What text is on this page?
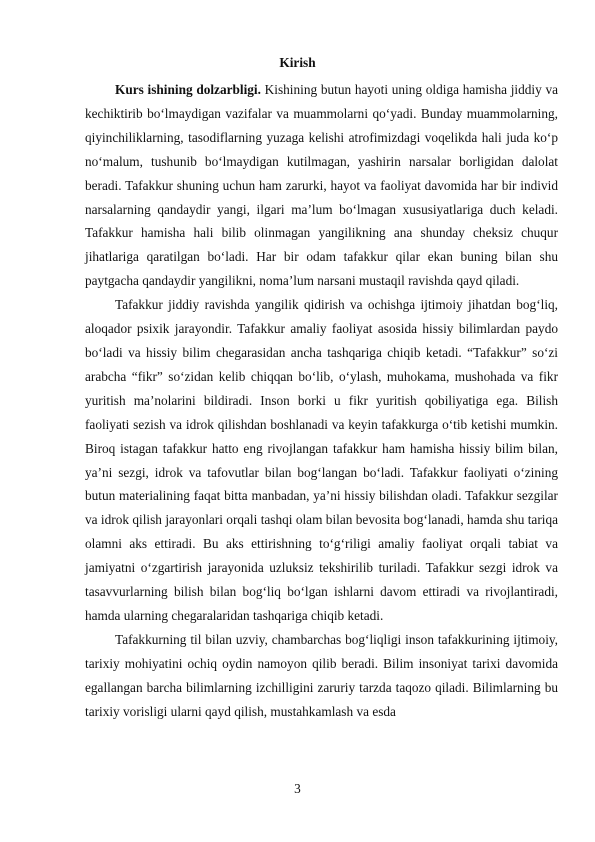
Kirish

Kurs ishining dolzarbligi. Kishining butun hayoti uning oldiga hamisha jiddiy va kechiktirib bo‘lmaydigan vazifalar va muammolarni qo‘yadi. Bunday muammolarning, qiyinchiliklarning, tasodiflarning yuzaga kelishi atrofimizdagi voqelikda hali juda ko‘p no‘malum, tushunib bo‘lmaydigan kutilmagan, yashirin narsalar borligidan dalolat beradi. Tafakkur shuning uchun ham zarurki, hayot va faoliyat davomida har bir individ narsalarning qandaydir yangi, ilgari ma’lum bo‘lmagan xususiyatlariga duch keladi. Tafakkur hamisha hali bilib olinmagan yangilikning ana shunday cheksiz chuqur jihatlariga qaratilgan bo‘ladi. Har bir odam tafakkur qilar ekan buning bilan shu paytgacha qandaydir yangilikni, noma’lum narsani mustaqil ravishda qayd qiladi.

Tafakkur jiddiy ravishda yangilik qidirish va ochishga ijtimoiy jihatdan bog‘liq, aloqador psixik jarayondir. Tafakkur amaliy faoliyat asosida hissiy bilimlardan paydo bo‘ladi va hissiy bilim chegarasidan ancha tashqariga chiqib ketadi. “Tafakkur” so‘zi arabcha “fikr” so‘zidan kelib chiqqan bo‘lib, o‘ylash, muhokama, mushohada va fikr yuritish ma’nolarini bildiradi. Inson borki u fikr yuritish qobiliyatiga ega. Bilish faoliyati sezish va idrok qilishdan boshlanadi va keyin tafakkurga o‘tib ketishi mumkin. Biroq istagan tafakkur hatto eng rivojlangan tafakkur ham hamisha hissiy bilim bilan, ya’ni sezgi, idrok va tafovutlar bilan bog‘langan bo‘ladi. Tafakkur faoliyati o‘zining butun materialining faqat bitta manbadan, ya’ni hissiy bilishdan oladi. Tafakkur sezgilar va idrok qilish jarayonlari orqali tashqi olam bilan bevosita bog‘lanadi, hamda shu tariqa olamni aks ettiradi. Bu aks ettirishning to‘g‘riligi amaliy faoliyat orqali tabiat va jamiyatni o‘zgartirish jarayonida uzluksiz tekshirilib turiladi. Tafakkur sezgi idrok va tasavvurlarning bilish bilan bog‘liq bo‘lgan ishlarni davom ettiradi va rivojlantiradi, hamda ularning chegaralaridan tashqariga chiqib ketadi.

Tafakkurning til bilan uzviy, chambarchas bog‘liqligi inson tafakkurining ijtimoiy, tarixiy mohiyatini ochiq oydin namoyon qilib beradi. Bilim insoniyat tarixi davomida egallangan barcha bilimlarning izchilligini zaruriy tarzda taqozo qiladi. Bilimlarning bu tarixiy vorisligi ularni qayd qilish, mustahkamlash va esda

3
